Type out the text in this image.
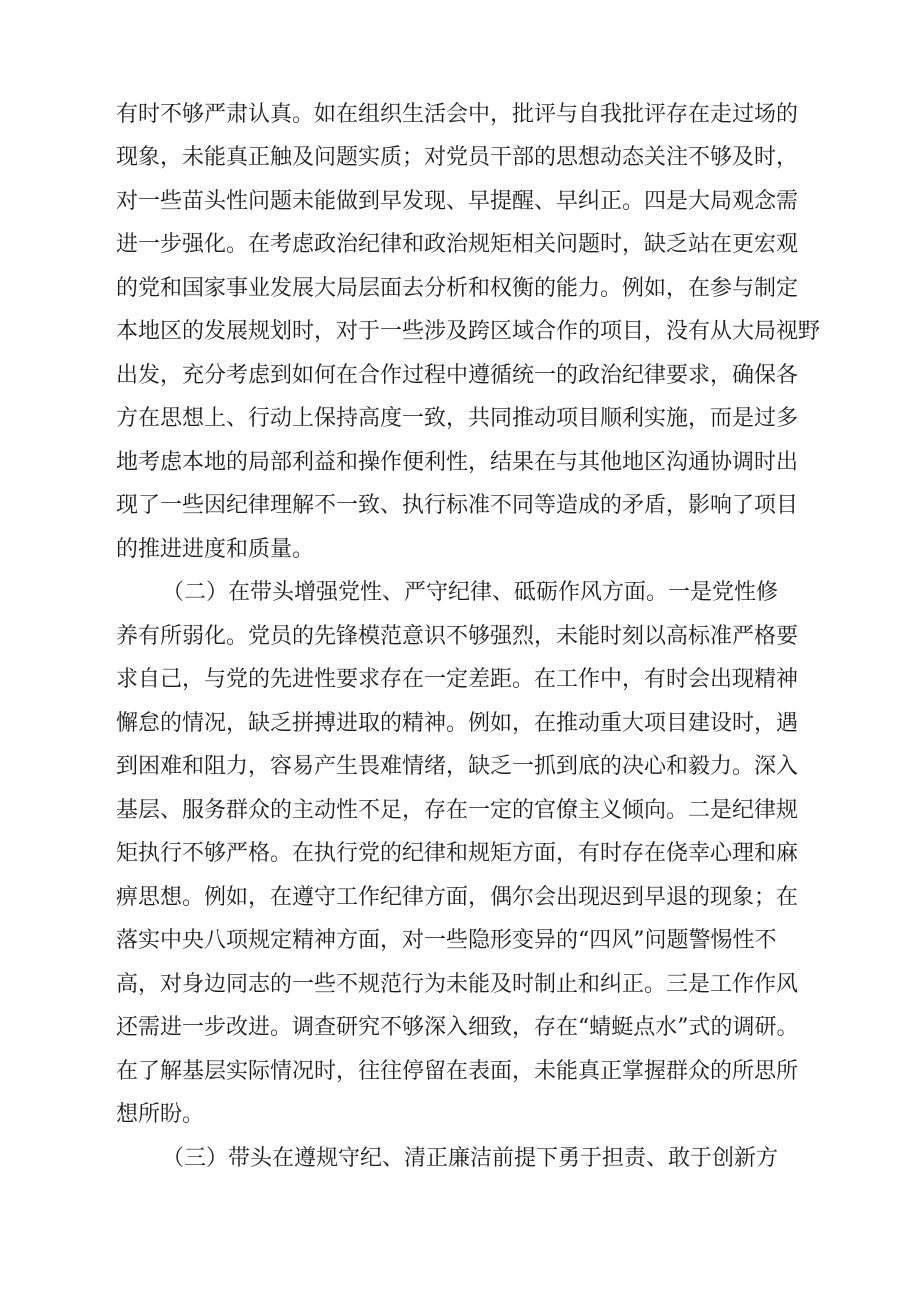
有时不够严肃认真。如在组织生活会中，批评与自我批评存在走过场的
现象，未能真正触及问题实质；对党员干部的思想动态关注不够及时，
对一些苗头性问题未能做到早发现、早提醒、早纠正。四是大局观念需
进一步强化。在考虑政治纪律和政治规矩相关问题时，缺乏站在更宏观
的党和国家事业发展大局层面去分析和权衡的能力。例如，在参与制定
本地区的发展规划时，对于一些涉及跨区域合作的项目，没有从大局视野
出发，充分考虑到如何在合作过程中遵循统一的政治纪律要求，确保各
方在思想上、行动上保持高度一致，共同推动项目顺利实施，而是过多
地考虑本地的局部利益和操作便利性，结果在与其他地区沟通协调时出
现了一些因纪律理解不一致、执行标准不同等造成的矛盾，影响了项目
的推进进度和质量。
（二）在带头增强党性、严守纪律、砥砺作风方面。一是党性修
养有所弱化。党员的先锋模范意识不够强烈，未能时刻以高标准严格要
求自己，与党的先进性要求存在一定差距。在工作中，有时会出现精神
懈怠的情况，缺乏拼搏进取的精神。例如，在推动重大项目建设时，遇
到困难和阻力，容易产生畏难情绪，缺乏一抓到底的决心和毅力。深入
基层、服务群众的主动性不足，存在一定的官僚主义倾向。二是纪律规
矩执行不够严格。在执行党的纪律和规矩方面，有时存在侥幸心理和麻
痹思想。例如，在遵守工作纪律方面，偶尔会出现迟到早退的现象；在
落实中央八项规定精神方面，对一些隐形变异的“四风”问题警惕性不
高，对身边同志的一些不规范行为未能及时制止和纠正。三是工作作风
还需进一步改进。调查研究不够深入细致，存在“蜻蜓点水”式的调研。
在了解基层实际情况时，往往停留在表面，未能真正掌握群众的所思所
想所盼。
（三）带头在遵规守纪、清正廉洁前提下勇于担责、敢于创新方
